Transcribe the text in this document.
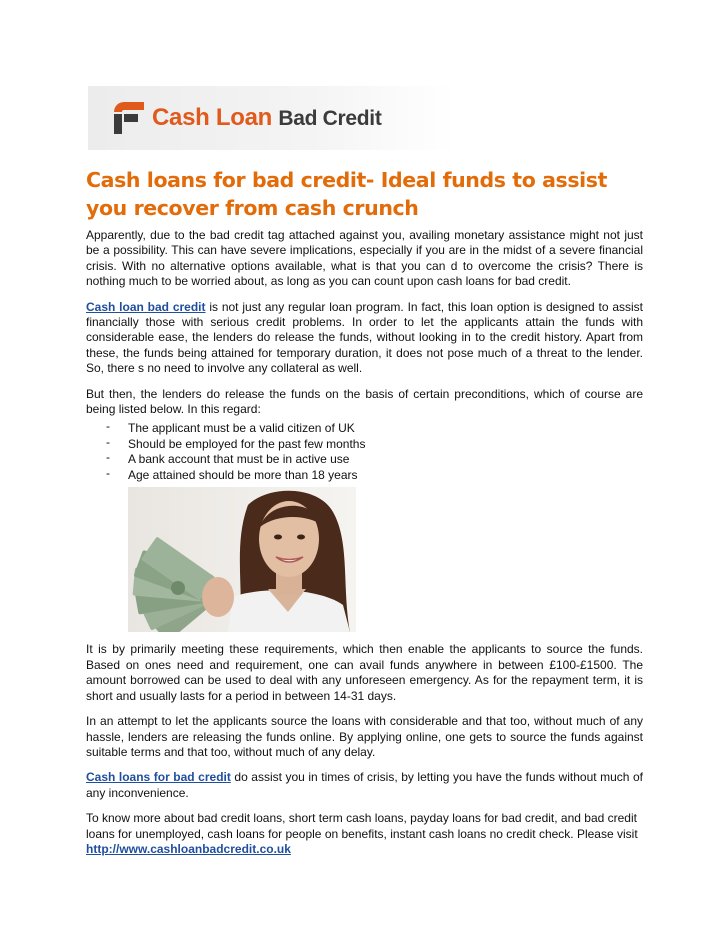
Cash Loan Bad Credit
Cash loans for bad credit- Ideal funds to assist you recover from cash crunch

Apparently, due to the bad credit tag attached against you, availing monetary assistance might not just be a possibility. This can have severe implications, especially if you are in the midst of a severe financial crisis. With no alternative options available, what is that you can d to overcome the crisis? There is nothing much to be worried about, as long as you can count upon cash loans for bad credit.

Cash loan bad credit is not just any regular loan program. In fact, this loan option is designed to assist financially those with serious credit problems. In order to let the applicants attain the funds with considerable ease, the lenders do release the funds, without looking in to the credit history. Apart from these, the funds being attained for temporary duration, it does not pose much of a threat to the lender. So, there s no need to involve any collateral as well.

But then, the lenders do release the funds on the basis of certain preconditions, which of course are being listed below. In this regard:

- The applicant must be a valid citizen of UK
- Should be employed for the past few months
- A bank account that must be in active use
- Age attained should be more than 18 years

It is by primarily meeting these requirements, which then enable the applicants to source the funds. Based on ones need and requirement, one can avail funds anywhere in between £100-£1500. The amount borrowed can be used to deal with any unforeseen emergency. As for the repayment term, it is short and usually lasts for a period in between 14-31 days.

In an attempt to let the applicants source the loans with considerable and that too, without much of any hassle, lenders are releasing the funds online. By applying online, one gets to source the funds against suitable terms and that too, without much of any delay.

Cash loans for bad credit do assist you in times of crisis, by letting you have the funds without much of any inconvenience.

To know more about bad credit loans, short term cash loans, payday loans for bad credit, and bad credit loans for unemployed, cash loans for people on benefits, instant cash loans no credit check. Please visit http://www.cashloanbadcredit.co.uk
